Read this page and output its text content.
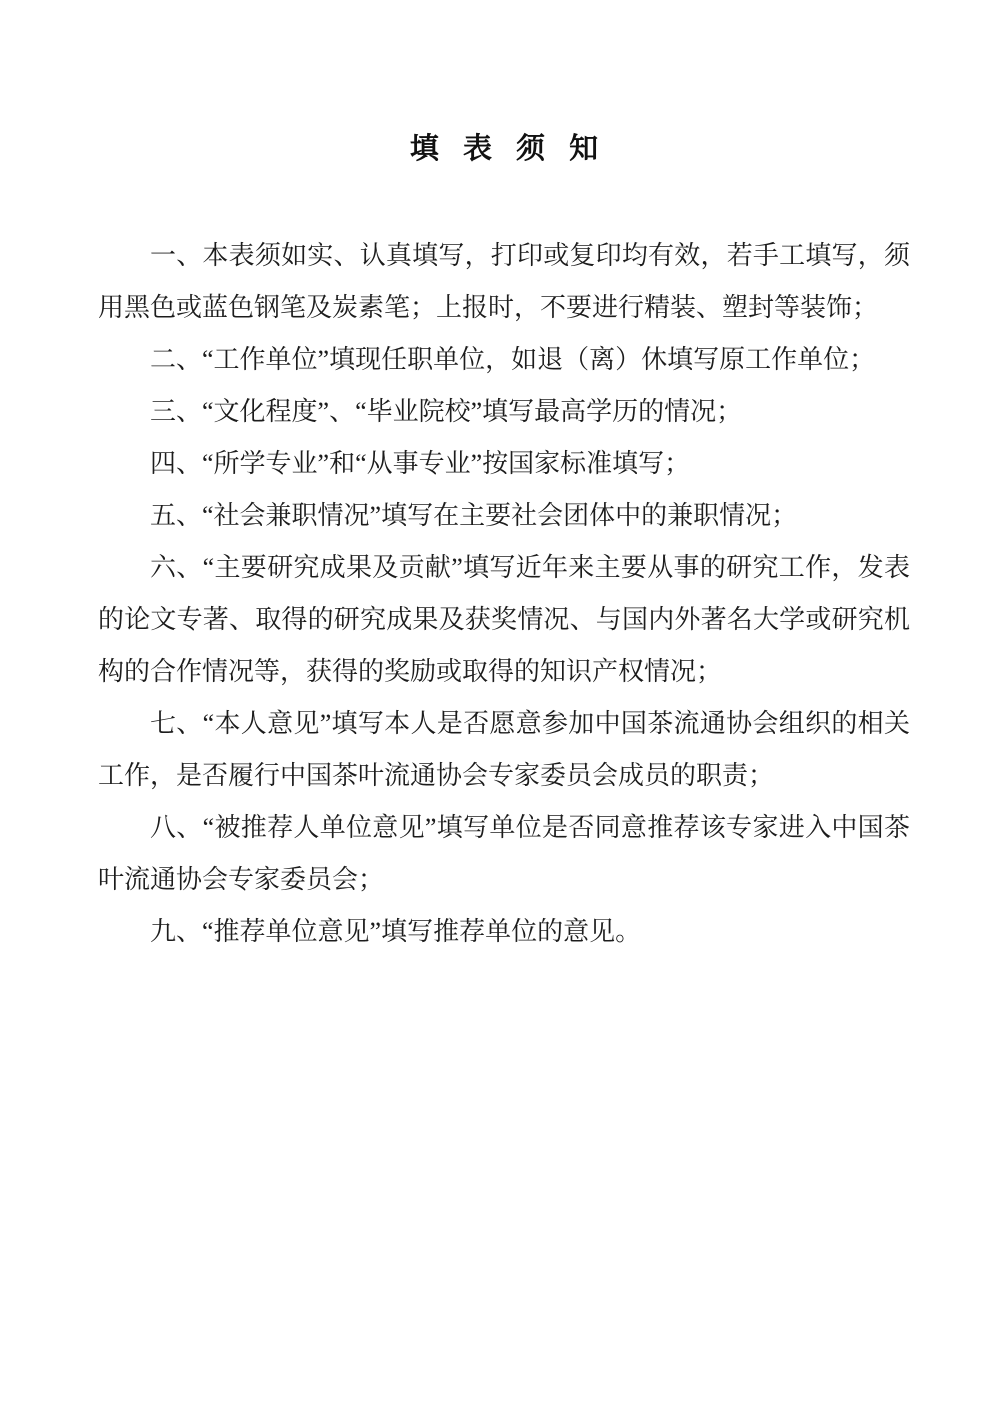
填 表 须 知

一、本表须如实、认真填写，打印或复印均有效，若手工填写，须用黑色或蓝色钢笔及炭素笔；上报时，不要进行精装、塑封等装饰；

二、“工作单位”填现任职单位，如退（离）休填写原工作单位；

三、“文化程度”、“毕业院校”填写最高学历的情况；

四、“所学专业”和“从事专业”按国家标准填写；

五、“社会兼职情况”填写在主要社会团体中的兼职情况；

六、“主要研究成果及贡献”填写近年来主要从事的研究工作，发表的论文专著、取得的研究成果及获奖情况、与国内外著名大学或研究机构的合作情况等，获得的奖励或取得的知识产权情况；

七、“本人意见”填写本人是否愿意参加中国茶流通协会组织的相关工作，是否履行中国茶叶流通协会专家委员会成员的职责；

八、“被推荐人单位意见”填写单位是否同意推荐该专家进入中国茶叶流通协会专家委员会；

九、“推荐单位意见”填写推荐单位的意见。
